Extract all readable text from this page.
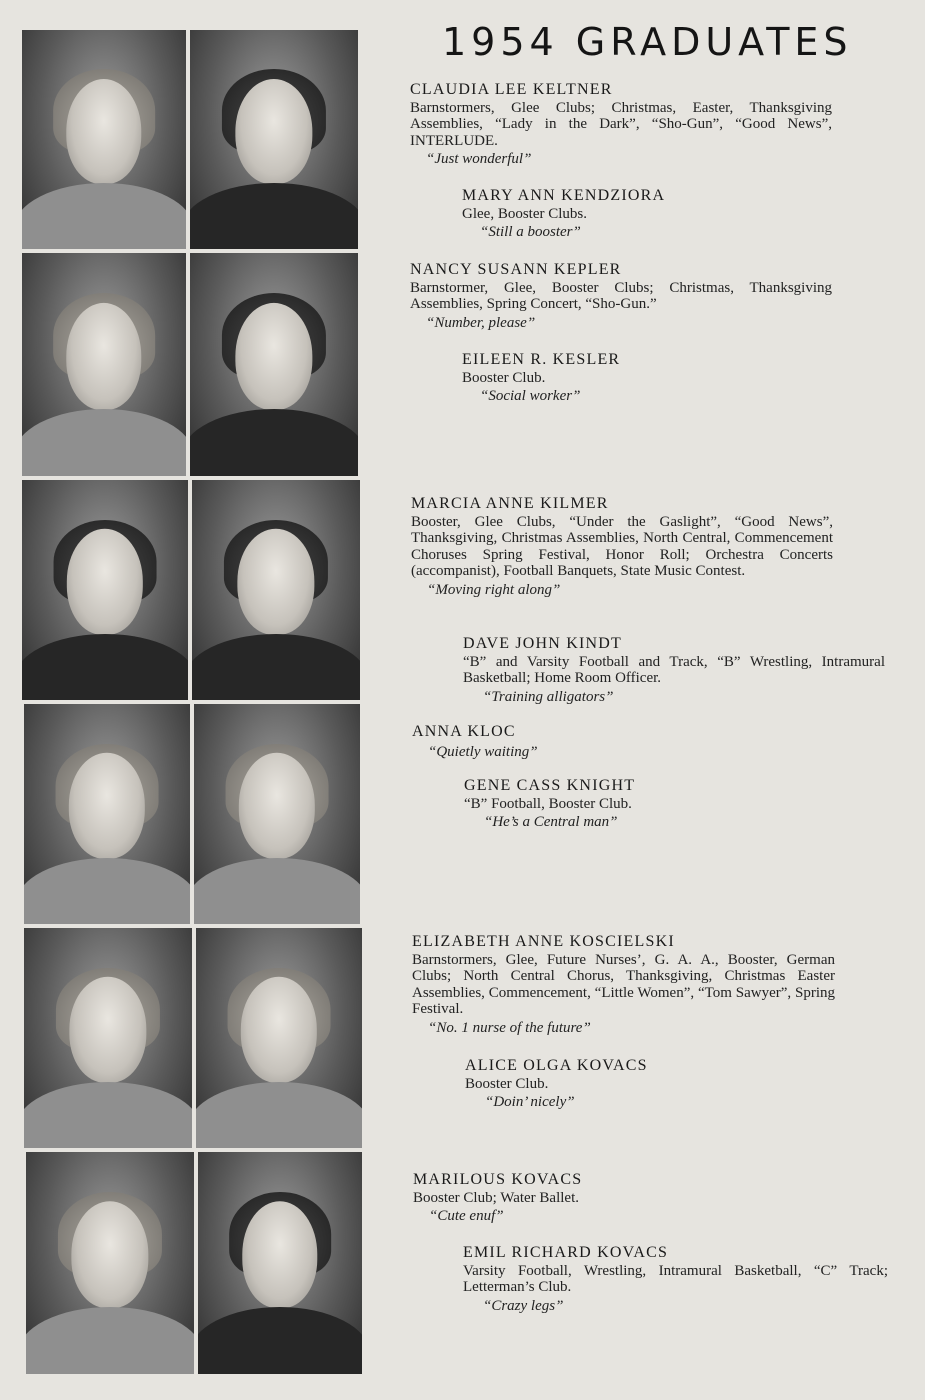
1954 GRADUATES
CLAUDIA LEE KELTNER
Barnstormers, Glee Clubs; Christmas, Easter, Thanksgiving Assemblies, “Lady in the Dark”, “Sho-Gun”, “Good News”, INTERLUDE.
“Just wonderful”
MARY ANN KENDZIORA
Glee, Booster Clubs.
“Still a booster”
NANCY SUSANN KEPLER
Barnstormer, Glee, Booster Clubs; Christmas, Thanksgiving Assemblies, Spring Concert, “Sho-Gun.”
“Number, please”
EILEEN R. KESLER
Booster Club.
“Social worker”
MARCIA ANNE KILMER
Booster, Glee Clubs, “Under the Gaslight”, “Good News”, Thanksgiving, Christmas Assemblies, North Central, Commencement Choruses Spring Festival, Honor Roll; Orchestra Concerts (accompanist), Football Banquets, State Music Contest.
“Moving right along”
DAVE JOHN KINDT
“B” and Varsity Football and Track, “B” Wrestling, Intramural Basketball; Home Room Officer.
“Training alligators”
ANNA KLOC
“Quietly waiting”
GENE CASS KNIGHT
“B” Football, Booster Club.
“He’s a Central man”
ELIZABETH ANNE KOSCIELSKI
Barnstormers, Glee, Future Nurses’, G. A. A., Booster, German Clubs; North Central Chorus, Thanksgiving, Christmas Easter Assemblies, Commencement, “Little Women”, “Tom Sawyer”, Spring Festival.
“No. 1 nurse of the future”
ALICE OLGA KOVACS
Booster Club.
“Doin’ nicely”
MARILOUS KOVACS
Booster Club; Water Ballet.
“Cute enuf”
EMIL RICHARD KOVACS
Varsity Football, Wrestling, Intramural Basketball, “C” Track; Letterman’s Club.
“Crazy legs”
